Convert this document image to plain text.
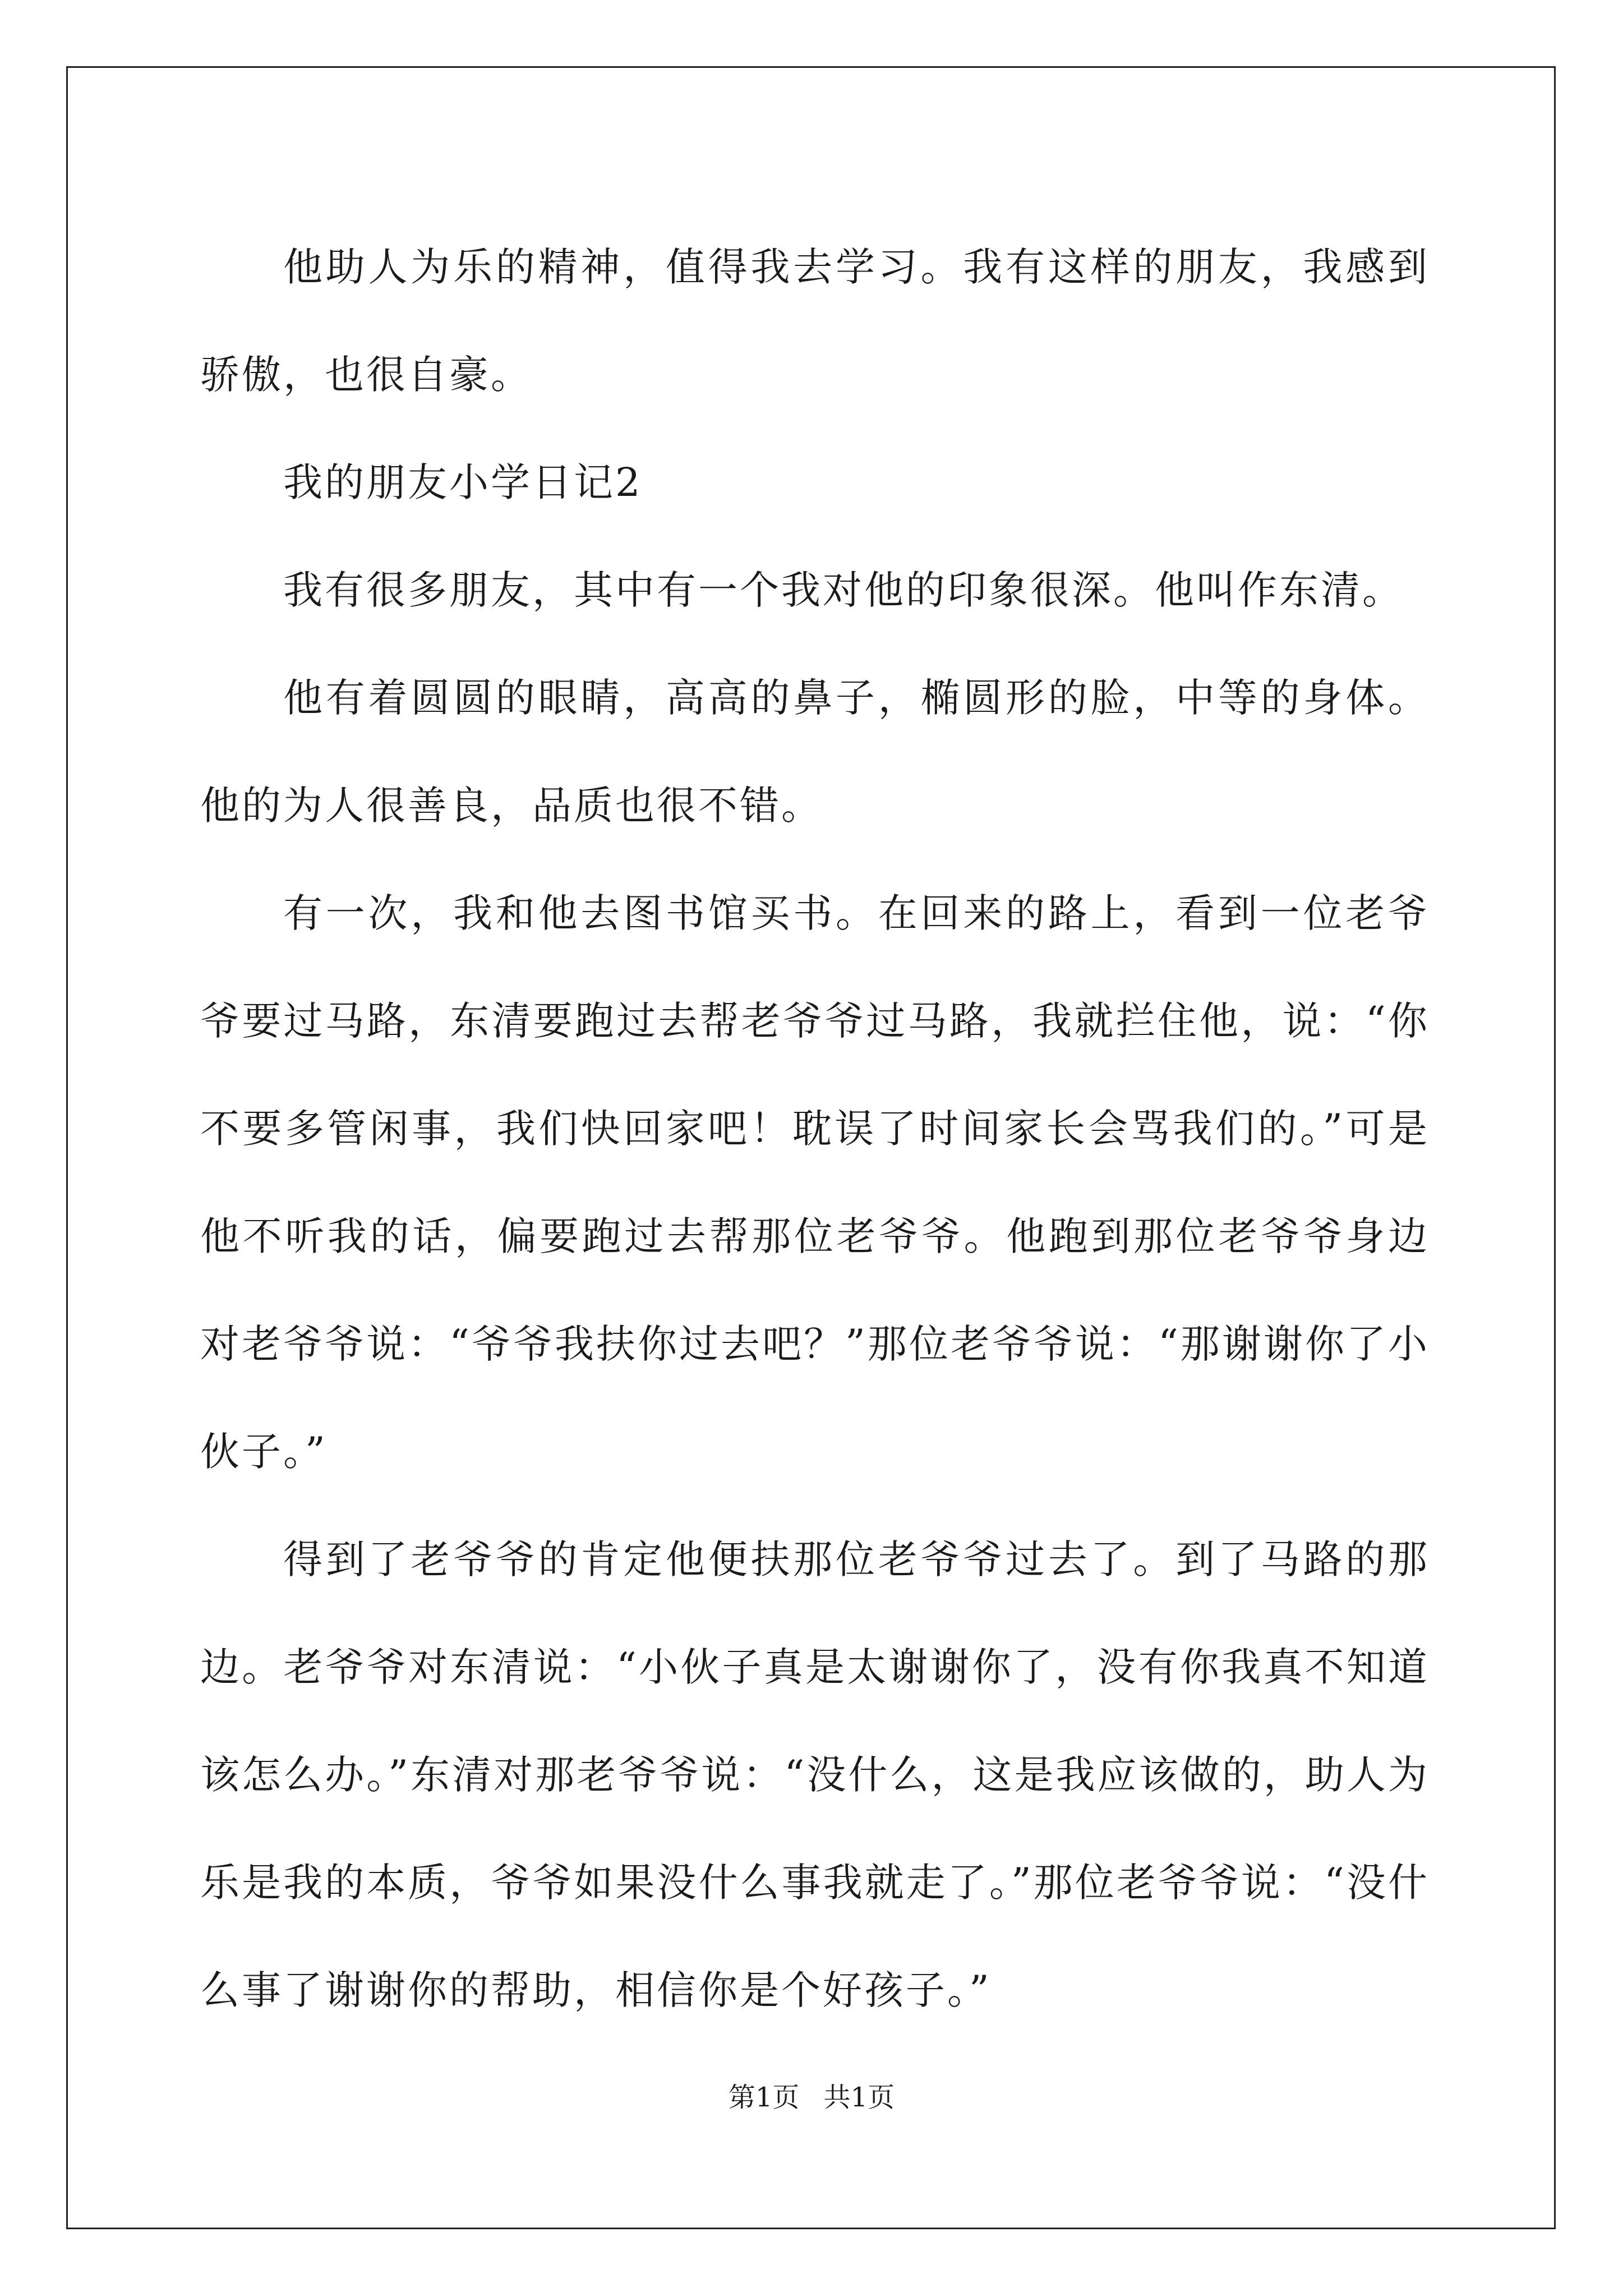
他助人为乐的精神，值得我去学习。我有这样的朋友，我感到骄傲，也很自豪。

我的朋友小学日记2

我有很多朋友，其中有一个我对他的印象很深。他叫作东清。

他有着圆圆的眼睛，高高的鼻子，椭圆形的脸，中等的身体。他的为人很善良，品质也很不错。

有一次，我和他去图书馆买书。在回来的路上，看到一位老爷爷要过马路，东清要跑过去帮老爷爷过马路，我就拦住他，说：“你不要多管闲事，我们快回家吧！耽误了时间家长会骂我们的。”可是他不听我的话，偏要跑过去帮那位老爷爷。他跑到那位老爷爷身边对老爷爷说：“爷爷我扶你过去吧？”那位老爷爷说：“那谢谢你了小伙子。”

得到了老爷爷的肯定他便扶那位老爷爷过去了。到了马路的那边。老爷爷对东清说：“小伙子真是太谢谢你了，没有你我真不知道该怎么办。”东清对那老爷爷说：“没什么，这是我应该做的，助人为乐是我的本质，爷爷如果没什么事我就走了。”那位老爷爷说：“没什么事了谢谢你的帮助，相信你是个好孩子。”

第1页 共1页
